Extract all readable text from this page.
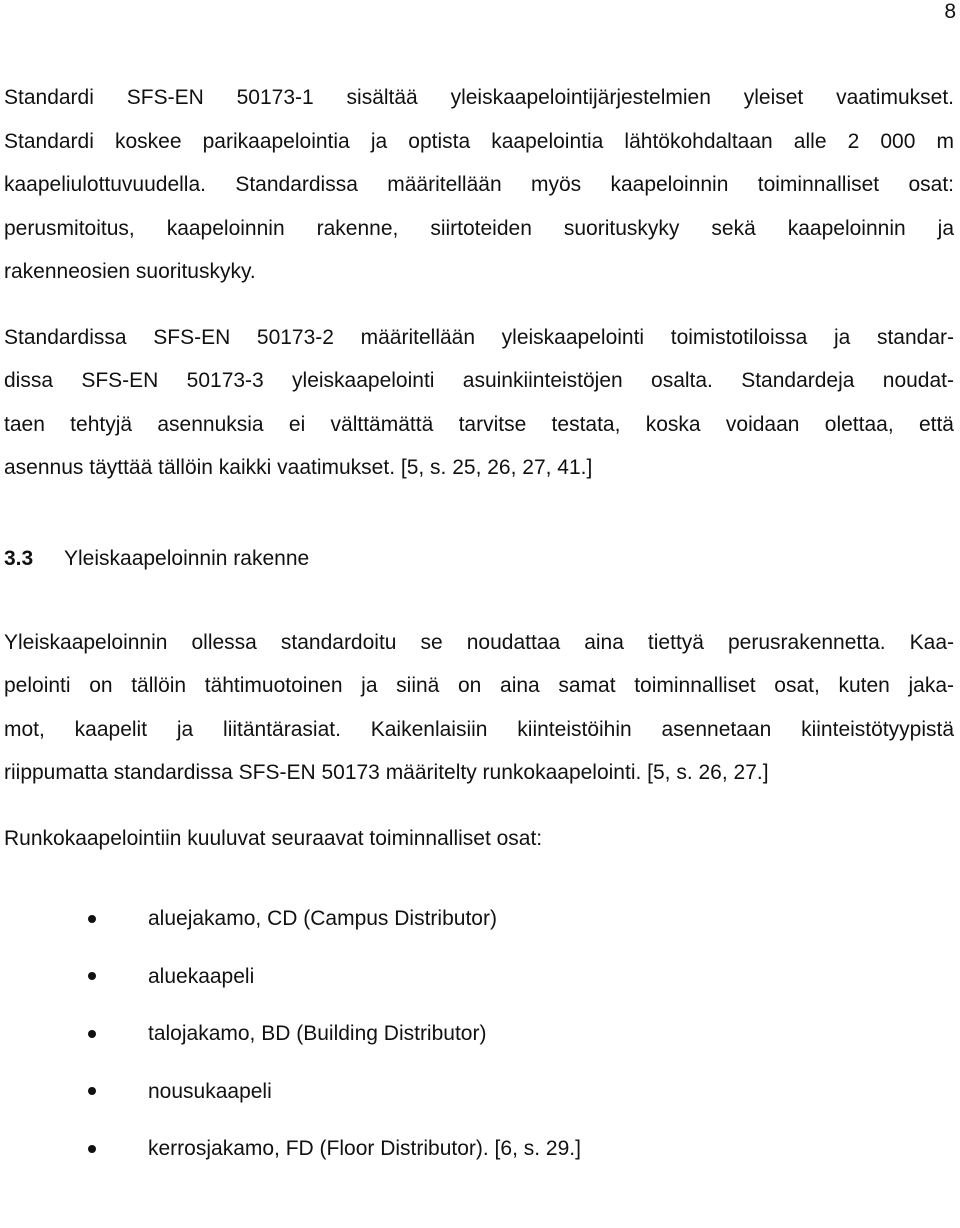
8

Standardi SFS-EN 50173-1 sisältää yleiskaapelointijärjestelmien yleiset vaatimukset.
Standardi koskee parikaapelointia ja optista kaapelointia lähtökohdaltaan alle 2 000 m
kaapeliulottuvuudella. Standardissa määritellään myös kaapeloinnin toiminnalliset osat:
perusmitoitus, kaapeloinnin rakenne, siirtoteiden suorituskyky sekä kaapeloinnin ja
rakenneosien suorituskyky.

Standardissa SFS-EN 50173-2 määritellään yleiskaapelointi toimistotiloissa ja standar-
dissa SFS-EN 50173-3 yleiskaapelointi asuinkiinteistöjen osalta. Standardeja noudat-
taen tehtyjä asennuksia ei välttämättä tarvitse testata, koska voidaan olettaa, että
asennus täyttää tällöin kaikki vaatimukset. [5, s. 25, 26, 27, 41.]

3.3	Yleiskaapeloinnin rakenne

Yleiskaapeloinnin ollessa standardoitu se noudattaa aina tiettyä perusrakennetta. Kaa-
pelointi on tällöin tähtimuotoinen ja siinä on aina samat toiminnalliset osat, kuten jaka-
mot, kaapelit ja liitäntärasiat. Kaikenlaisiin kiinteistöihin asennetaan kiinteistötyypistä
riippumatta standardissa SFS-EN 50173 määritelty runkokaapelointi. [5, s. 26, 27.]

Runkokaapelointiin kuuluvat seuraavat toiminnalliset osat:

aluejakamo, CD (Campus Distributor)
aluekaapeli
talojakamo, BD (Building Distributor)
nousukaapeli
kerrosjakamo, FD (Floor Distributor). [6, s. 29.]
